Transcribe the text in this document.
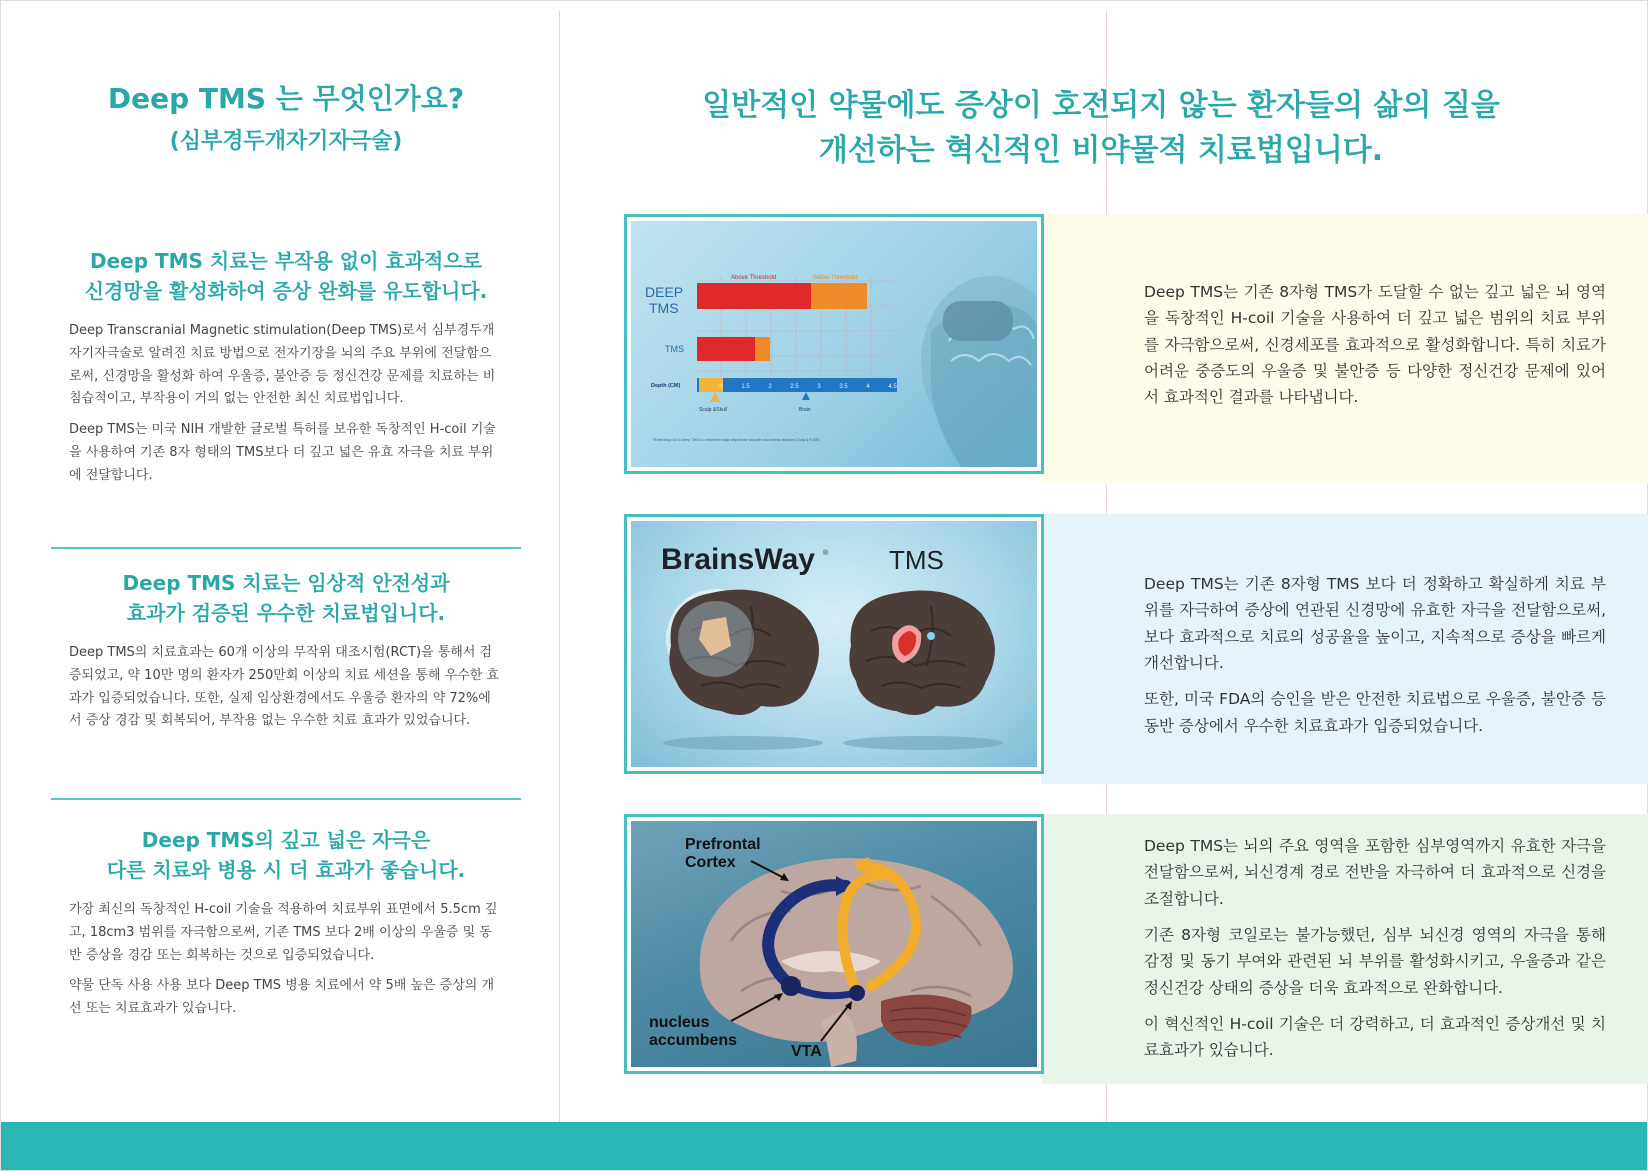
Deep TMS 는 무엇인가요?
(심부경두개자기자극술)
Deep TMS 치료는 부작용 없이 효과적으로
신경망을 활성화하여 증상 완화를 유도합니다.

Deep Transcranial Magnetic stimulation(Deep TMS)로서 심부경두개자기자극술로 알려진 치료 방법으로 전자기장을 뇌의 주요 부위에 전달함으로써, 신경망을 활성화 하여 우울증, 불안증 등 정신건강 문제를 치료하는 비침습적이고, 부작용이 거의 없는 안전한 최신 치료법입니다.

Deep TMS는 미국 NIH 개발한 글로벌 특허를 보유한 독창적인 H-coil 기술을 사용하여 기존 8자 형태의 TMS보다 더 깊고 넓은 유효 자극을 치료 부위에 전달합니다.

Deep TMS 치료는 임상적 안전성과
효과가 검증된 우수한 치료법입니다.

Deep TMS의 치료효과는 60개 이상의 무작위 대조시험(RCT)을 통해서 검증되었고, 약 10만 명의 환자가 250만회 이상의 치료 세션을 통해 우수한 효과가 입증되었습니다. 또한, 실제 임상환경에서도 우울증 환자의 약 72%에서 증상 경감 및 회복되어, 부작용 없는 우수한 치료 효과가 있었습니다.

Deep TMS의 깊고 넓은 자극은
다른 치료와 병용 시 더 효과가 좋습니다.

가장 최신의 독창적인 H-coil 기술을 적용하여 치료부위 표면에서 5.5cm 깊고, 18cm3 범위를 자극함으로써, 기존 TMS 보다 2배 이상의 우울증 및 동반 증상을 경감 또는 회복하는 것으로 입증되었습니다.

약물 단독 사용 사용 보다 Deep TMS 병용 치료에서 약 5배 높은 증상의 개선 또는 치료효과가 있습니다.

일반적인 약물에도 증상이 호전되지 않는 환자들의 삶의 질을
개선하는 혁신적인 비약물적 치료법입니다.
Above Threshold	Below Threshold
DEEP
TMS
TMS
Depth (CM)	0	1.5	2	2.5	3	3.5	4	4.5
Scalp &Skull	Brain
*Extending Coil to Deep TMS is a treatment major depressive disorder and anxiety disorder (Craig & FUSE)
BrainsWay ® TMS
Prefrontal
Cortex
nucleus
accumbens
VTA

Deep TMS는 기존 8자형 TMS가 도달할 수 없는 깊고 넓은 뇌 영역을 독창적인 H-coil 기술을 사용하여 더 깊고 넓은 범위의 치료 부위를 자극함으로써, 신경세포를 효과적으로 활성화합니다. 특히 치료가 어려운 중증도의 우울증 및 불안증 등 다양한 정신건강 문제에 있어서 효과적인 결과를 나타냅니다.

Deep TMS는 기존 8자형 TMS 보다 더 정확하고 확실하게 치료 부위를 자극하여 증상에 연관된 신경망에 유효한 자극을 전달함으로써, 보다 효과적으로 치료의 성공율을 높이고, 지속적으로 증상을 빠르게 개선합니다.

또한, 미국 FDA의 승인을 받은 안전한 치료법으로 우울증, 불안증 등 동반 증상에서 우수한 치료효과가 입증되었습니다.

Deep TMS는 뇌의 주요 영역을 포함한 심부영역까지 유효한 자극을 전달함으로써, 뇌신경계 경로 전반을 자극하여 더 효과적으로 신경을 조절합니다.

기존 8자형 코일로는 불가능했던, 심부 뇌신경 영역의 자극을 통해 감정 및 동기 부여와 관련된 뇌 부위를 활성화시키고, 우울증과 같은 정신건강 상태의 증상을 더욱 효과적으로 완화합니다.

이 혁신적인 H-coil 기술은 더 강력하고, 더 효과적인 증상개선 및 치료효과가 있습니다.
